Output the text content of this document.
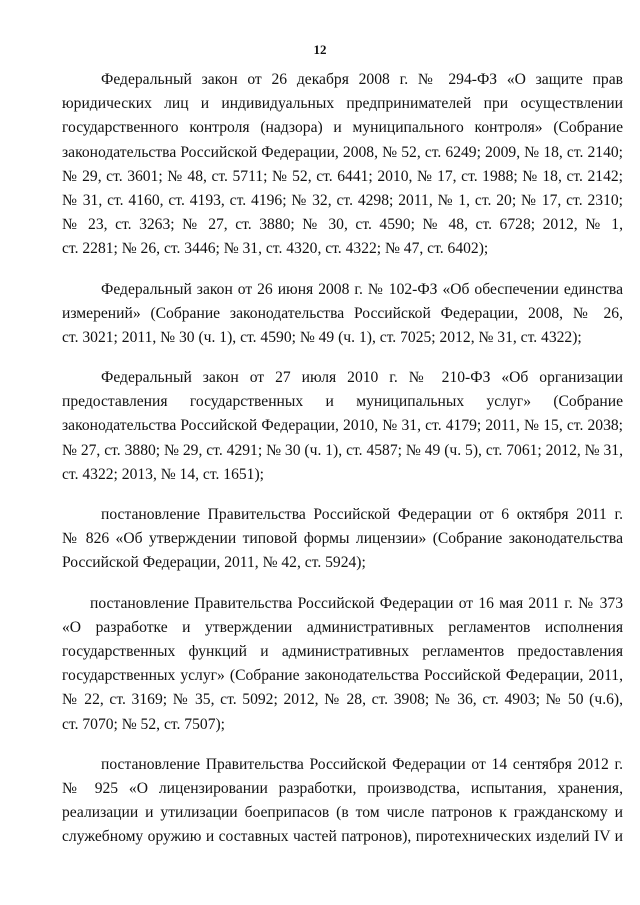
12
Федеральный закон от 26 декабря 2008 г. № 294-ФЗ «О защите прав
юридических лиц и индивидуальных предпринимателей при осуществлении
государственного контроля (надзора) и муниципального контроля» (Собрание
законодательства Российской Федерации, 2008, № 52, ст. 6249; 2009, № 18, ст. 2140;
№ 29, ст. 3601; № 48, ст. 5711; № 52, ст. 6441; 2010, № 17, ст. 1988; № 18, ст. 2142;
№ 31, ст. 4160, ст. 4193, ст. 4196; № 32, ст. 4298; 2011, № 1, ст. 20; № 17, ст. 2310;
№ 23, ст. 3263; № 27, ст. 3880; № 30, ст. 4590; № 48, ст. 6728; 2012, № 1,
ст. 2281; № 26, ст. 3446; № 31, ст. 4320, ст. 4322; № 47, ст. 6402);
Федеральный закон от 26 июня 2008 г. № 102-ФЗ «Об обеспечении единства
измерений» (Собрание законодательства Российской Федерации, 2008, № 26,
ст. 3021; 2011, № 30 (ч. 1), ст. 4590; № 49 (ч. 1), ст. 7025; 2012, № 31, ст. 4322);
Федеральный закон от 27 июля 2010 г. № 210-ФЗ «Об организации
предоставления государственных и муниципальных услуг» (Собрание
законодательства Российской Федерации, 2010, № 31, ст. 4179; 2011, № 15, ст. 2038;
№ 27, ст. 3880; № 29, ст. 4291; № 30 (ч. 1), ст. 4587; № 49 (ч. 5), ст. 7061; 2012, № 31,
ст. 4322; 2013, № 14, ст. 1651);
постановление Правительства Российской Федерации от 6 октября 2011 г.
№ 826 «Об утверждении типовой формы лицензии» (Собрание законодательства
Российской Федерации, 2011, № 42, ст. 5924);
постановление Правительства Российской Федерации от 16 мая 2011 г. № 373
«О разработке и утверждении административных регламентов исполнения
государственных функций и административных регламентов предоставления
государственных услуг» (Собрание законодательства Российской Федерации, 2011,
№ 22, ст. 3169; № 35, ст. 5092; 2012, № 28, ст. 3908; № 36, ст. 4903; № 50 (ч.6),
ст. 7070; № 52, ст. 7507);
постановление Правительства Российской Федерации от 14 сентября 2012 г.
№ 925 «О лицензировании разработки, производства, испытания, хранения,
реализации и утилизации боеприпасов (в том числе патронов к гражданскому и
служебному оружию и составных частей патронов), пиротехнических изделий IV и
